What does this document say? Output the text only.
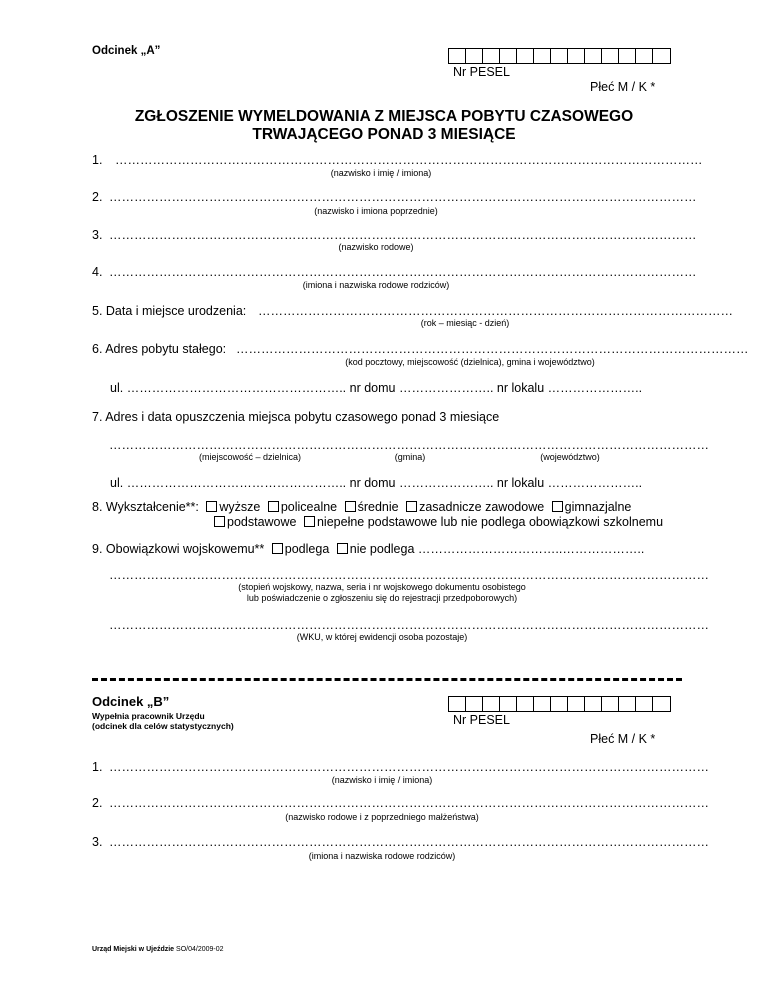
Odcinek „A”
Nr PESEL
Płeć M / K *
ZGŁOSZENIE WYMELDOWANIA Z MIEJSCA POBYTU CZASOWEGO
TRWAJĄCEGO PONAD 3 MIESIĄCE
1. ……………………………………………………………………………………………………………………………
(nazwisko i imię / imiona)
2. ……………………………………………………………………………………………………………………………
(nazwisko i imiona poprzednie)
3. ……………………………………………………………………………………………………………………………
(nazwisko rodowe)
4. ……………………………………………………………………………………………………………………………
(imiona i nazwiska rodowe rodziców)
5. Data i miejsce urodzenia: ……………………………………………………………………………………………………
(rok – miesiąc - dzień)
6. Adres pobytu stałego: ……………………………………………………………………………………………………………
(kod pocztowy, miejscowość (dzielnica), gmina i województwo)
ul. …………………………………………….. nr domu ………………….. nr lokalu …………………..
7. Adres i data opuszczenia miejsca pobytu czasowego ponad 3 miesiące
………………………………………………………………………………………………………………………………
(miejscowość – dzielnica)	(gmina)	(województwo)
ul. …………………………………………….. nr domu ………………….. nr lokalu …………………..
8. Wykształcenie**: wyższe policealne średnie zasadnicze zawodowe gimnazjalne
podstawowe niepełne podstawowe lub nie podlega obowiązkowi szkolnemu
9. Obowiązkowi wojskowemu** podlega nie podlega ……………………………..………………..
………………………………………………………………………………………………………………………………
(stopień wojskowy, nazwa, seria i nr wojskowego dokumentu osobistego
lub poświadczenie o zgłoszeniu się do rejestracji przedpoborowych)
………………………………………………………………………………………………………………………………
(WKU, w której ewidencji osoba pozostaje)
Odcinek „B”
Wypełnia pracownik Urzędu
(odcinek dla celów statystycznych)	Nr PESEL
Płeć M / K *
1. ………………………………………………………………………………………………………………………………
(nazwisko i imię / imiona)
2. ………………………………………………………………………………………………………………………………
(nazwisko rodowe i z poprzedniego małżeństwa)
3. ………………………………………………………………………………………………………………………………
(imiona i nazwiska rodowe rodziców)
Urząd Miejski w Ujeździe SO/04/2009-02
